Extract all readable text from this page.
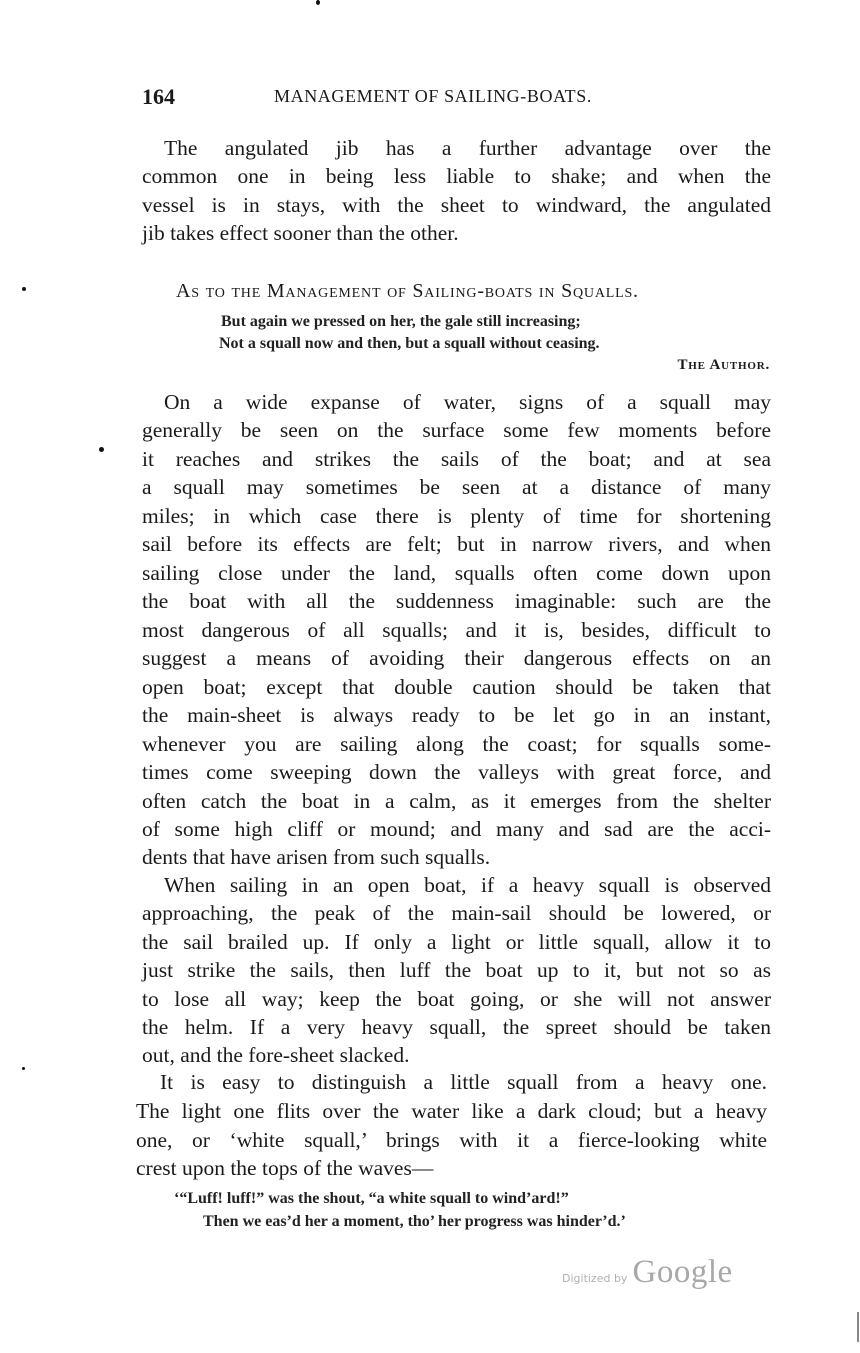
164	MANAGEMENT OF SAILING-BOATS.
The angulated jib has a further advantage over the
common one in being less liable to shake; and when the
vessel is in stays, with the sheet to windward, the angulated
jib takes effect sooner than the other.
As to the Management of Sailing-boats in Squalls.
But again we pressed on her, the gale still increasing;
Not a squall now and then, but a squall without ceasing.
The Author.
On a wide expanse of water, signs of a squall may
generally be seen on the surface some few moments before
it reaches and strikes the sails of the boat; and at sea
a squall may sometimes be seen at a distance of many
miles; in which case there is plenty of time for shortening
sail before its effects are felt; but in narrow rivers, and when
sailing close under the land, squalls often come down upon
the boat with all the suddenness imaginable: such are the
most dangerous of all squalls; and it is, besides, difficult to
suggest a means of avoiding their dangerous effects on an
open boat; except that double caution should be taken that
the main-sheet is always ready to be let go in an instant,
whenever you are sailing along the coast; for squalls some-
times come sweeping down the valleys with great force, and
often catch the boat in a calm, as it emerges from the shelter
of some high cliff or mound; and many and sad are the acci-
dents that have arisen from such squalls.
When sailing in an open boat, if a heavy squall is observed
approaching, the peak of the main-sail should be lowered, or
the sail brailed up. If only a light or little squall, allow it to
just strike the sails, then luff the boat up to it, but not so as
to lose all way; keep the boat going, or she will not answer
the helm. If a very heavy squall, the spreet should be taken
out, and the fore-sheet slacked.
It is easy to distinguish a little squall from a heavy one.
The light one flits over the water like a dark cloud; but a heavy
one, or ‘white squall,’ brings with it a fierce-looking white
crest upon the tops of the waves—
‘“Luff! luff!” was the shout, “a white squall to wind’ard!”
Then we eas’d her a moment, tho’ her progress was hinder’d.’
Digitized by Google
